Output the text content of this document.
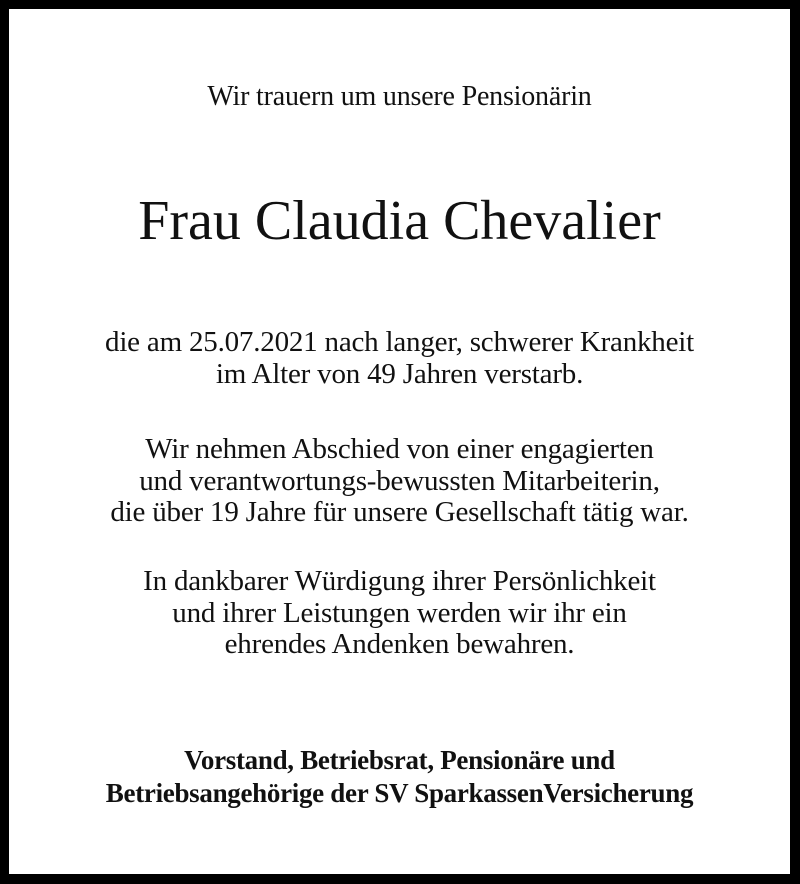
Wir trauern um unsere Pensionärin
Frau Claudia Chevalier
die am 25.07.2021 nach langer, schwerer Krankheit
im Alter von 49 Jahren verstarb.
Wir nehmen Abschied von einer engagierten
und verantwortungs-bewussten Mitarbeiterin,
die über 19 Jahre für unsere Gesellschaft tätig war.
In dankbarer Würdigung ihrer Persönlichkeit
und ihrer Leistungen werden wir ihr ein
ehrendes Andenken bewahren.
Vorstand, Betriebsrat, Pensionäre und
Betriebsangehörige der SV SparkassenVersicherung
